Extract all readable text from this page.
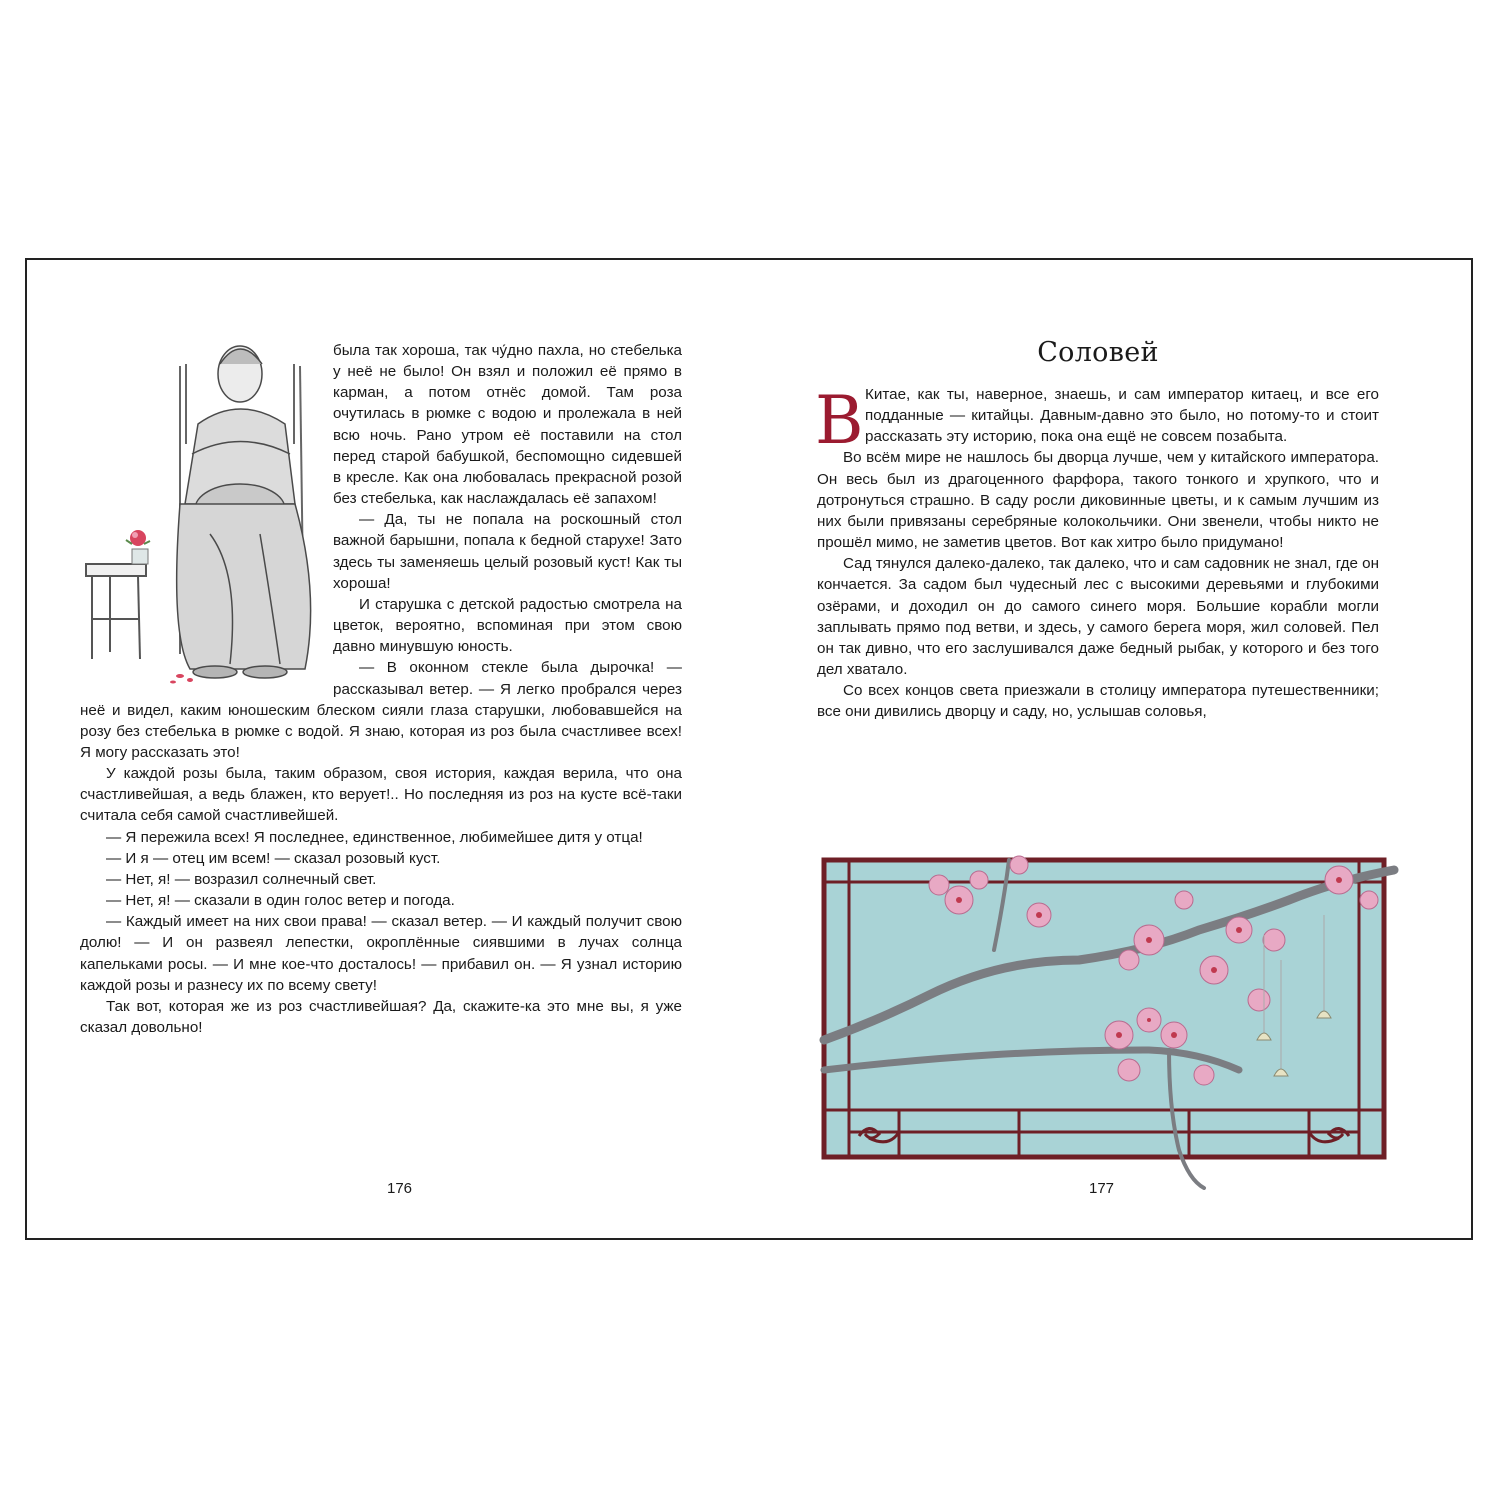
была так хороша, так чу́дно пахла, но стебелька у неё не было! Он взял и положил её прямо в карман, а потом отнёс домой. Там роза очутилась в рюмке с водою и пролежала в ней всю ночь. Рано утром её поставили на стол перед старой бабушкой, беспомощно сидевшей в кресле. Как она любовалась прекрасной розой без стебелька, как наслаждалась её запахом!

— Да, ты не попала на роскошный стол важной барышни, попала к бедной старухе! Зато здесь ты заменяешь целый розовый куст! Как ты хороша!

И старушка с детской радостью смотрела на цветок, вероятно, вспоминая при этом свою давно минувшую юность.

— В оконном стекле была дырочка! — рассказывал ветер. — Я легко пробрался через неё и видел, каким юношеским блеском сияли глаза старушки, любовавшейся на розу без стебелька в рюмке с водой. Я знаю, которая из роз была счастливее всех! Я могу рассказать это!

У каждой розы была, таким образом, своя история, каждая верила, что она счастливейшая, а ведь блажен, кто верует!.. Но последняя из роз на кусте всё-таки считала себя самой счастливейшей.

— Я пережила всех! Я последнее, единственное, любимейшее дитя у отца!

— И я — отец им всем! — сказал розовый куст.

— Нет, я! — возразил солнечный свет.

— Нет, я! — сказали в один голос ветер и погода.

— Каждый имеет на них свои права! — сказал ветер. — И каждый получит свою долю! — И он развеял лепестки, окроплённые сиявшими в лучах солнца капельками росы. — И мне кое-что досталось! — прибавил он. — Я узнал историю каждой розы и разнесу их по всему свету!

Так вот, которая же из роз счастливейшая? Да, скажите-ка это мне вы, я уже сказал довольно!

176
Соловей

В Китае, как ты, наверное, знаешь, и сам император китаец, и все его подданные — китайцы. Давным-давно это было, но потому-то и стоит рассказать эту историю, пока она ещё не совсем позабыта.

Во всём мире не нашлось бы дворца лучше, чем у китайского императора. Он весь был из драгоценного фарфора, такого тонкого и хрупкого, что и дотронуться страшно. В саду росли диковинные цветы, и к самым лучшим из них были привязаны серебряные колокольчики. Они звенели, чтобы никто не прошёл мимо, не заметив цветов. Вот как хитро было придумано!

Сад тянулся далеко-далеко, так далеко, что и сам садовник не знал, где он кончается. За садом был чудесный лес с высокими деревьями и глубокими озёрами, и доходил он до самого синего моря. Большие корабли могли заплывать прямо под ветви, и здесь, у самого берега моря, жил соловей. Пел он так дивно, что его заслушивался даже бедный рыбак, у которого и без того дел хватало.

Со всех концов света приезжали в столицу императора путешественники; все они дивились дворцу и саду, но, услышав соловья,

177
